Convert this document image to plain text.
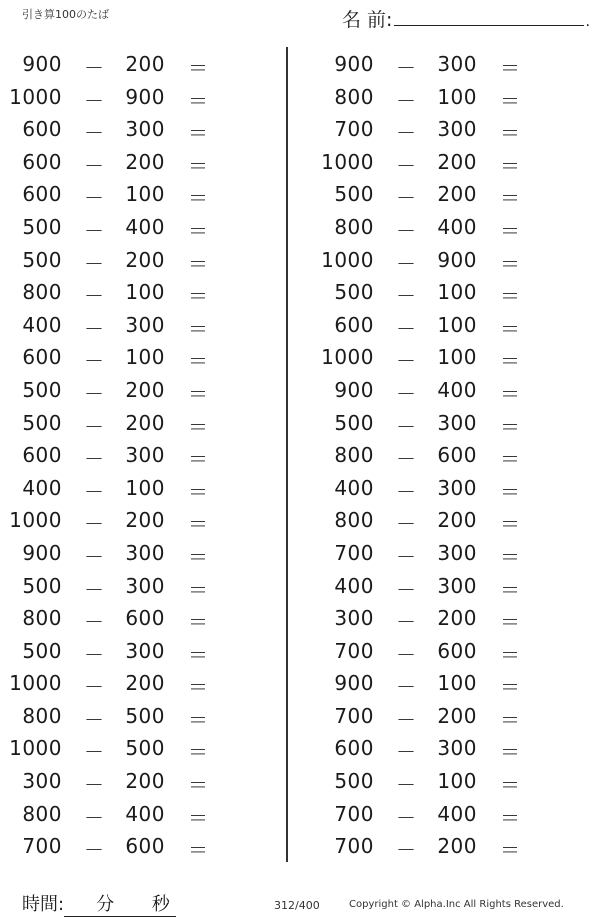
引き算100のたば	名 前:	.
900 －	200 ＝
1000 －	900 ＝
600 －	300 ＝
600 －	200 ＝
600 －	100 ＝
500 －	400 ＝
500 －	200 ＝
800 －	100 ＝
400 －	300 ＝
600 －	100 ＝
500 －	200 ＝
500 －	200 ＝
600 －	300 ＝
400 －	100 ＝
1000 －	200 ＝
900 －	300 ＝
500 －	300 ＝
800 －	600 ＝
500 －	300 ＝
1000 －	200 ＝
800 －	500 ＝
1000 －	500 ＝
300 －	200 ＝
800 －	400 ＝
700 －	600 ＝
900 －	300 ＝
800 －	100 ＝
700 －	300 ＝
1000 －	200 ＝
500 －	200 ＝
800 －	400 ＝
1000 －	900 ＝
500 －	100 ＝
600 －	100 ＝
1000 －	100 ＝
900 －	400 ＝
500 －	300 ＝
800 －	600 ＝
400 －	300 ＝
800 －	200 ＝
700 －	300 ＝
400 －	300 ＝
300 －	200 ＝
700 －	600 ＝
900 －	100 ＝
700 －	200 ＝
600 －	300 ＝
500 －	100 ＝
700 －	400 ＝
700 －	200 ＝
時間:	分 秒	312/400	Copyright © Alpha.Inc All Rights Reserved.
